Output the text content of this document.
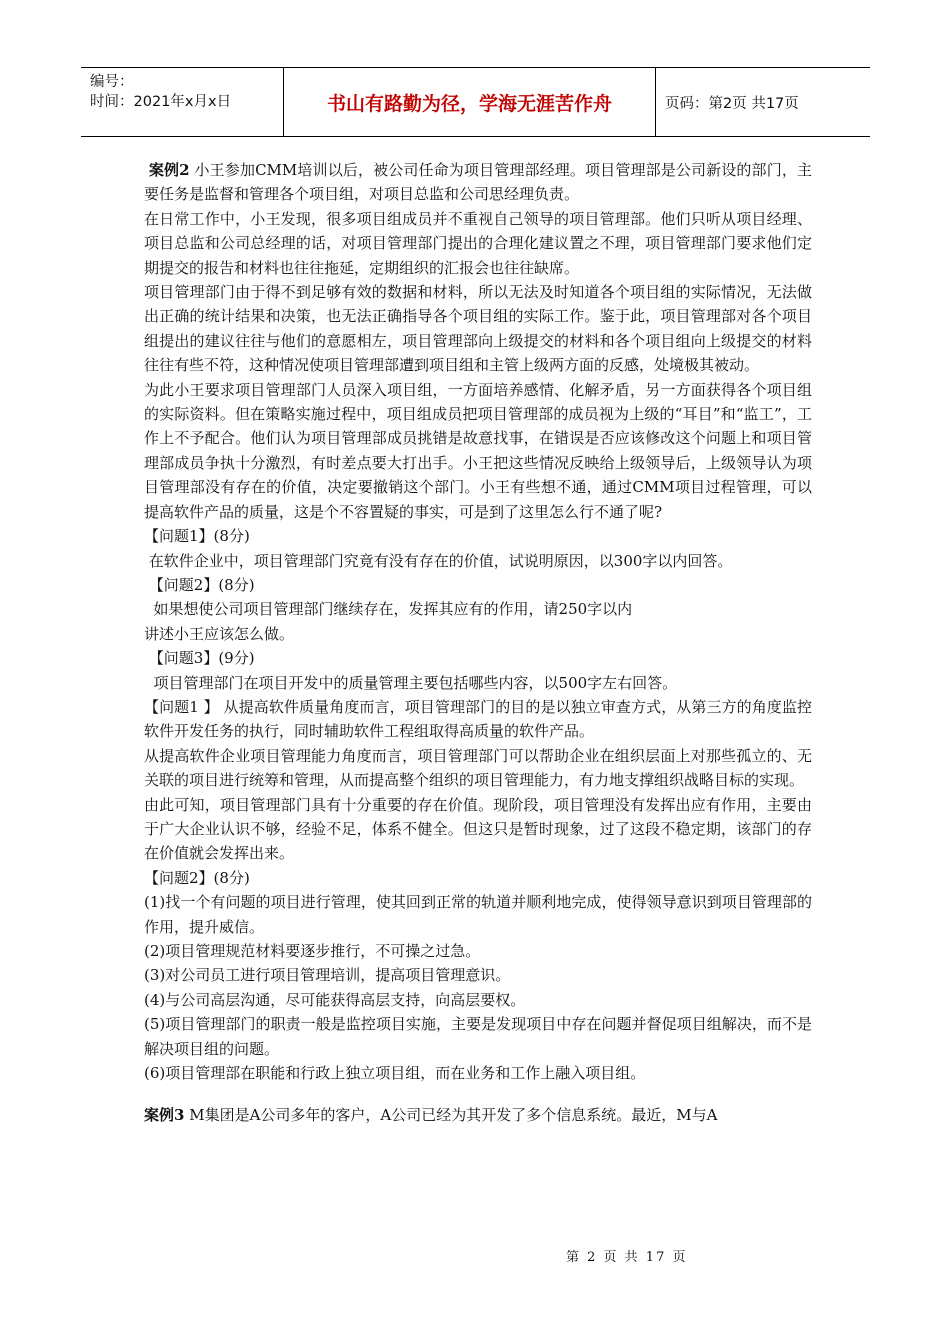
编号：
时间：2021年x月x日	书山有路勤为径，学海无涯苦作舟	页码：第2页 共17页

案例2 小王参加CMM培训以后，被公司任命为项目管理部经理。项目管理部是公司新设的部门，主要任务是监督和管理各个项目组，对项目总监和公司思经理负责。

在日常工作中，小王发现，很多项目组成员并不重视自己领导的项目管理部。他们只听从项目经理、项目总监和公司总经理的话，对项目管理部门提出的合理化建议置之不理，项目管理部门要求他们定期提交的报告和材料也往往拖延，定期组织的汇报会也往往缺席。

项目管理部门由于得不到足够有效的数据和材料，所以无法及时知道各个项目组的实际情况，无法做出正确的统计结果和决策，也无法正确指导各个项目组的实际工作。鉴于此，项目管理部对各个项目组提出的建议往往与他们的意愿相左，项目管理部向上级提交的材料和各个项目组向上级提交的材料往往有些不符，这种情况使项目管理部遭到项目组和主管上级两方面的反感，处境极其被动。

为此小王要求项目管理部门人员深入项目组，一方面培养感情、化解矛盾，另一方面获得各个项目组的实际资料。但在策略实施过程中，项目组成员把项目管理部的成员视为上级的“耳目”和“监工”，工作上不予配合。他们认为项目管理部成员挑错是故意找事，在错误是否应该修改这个问题上和项目管理部成员争执十分激烈，有时差点要大打出手。小王把这些情况反映给上级领导后，上级领导认为项目管理部没有存在的价值，决定要撤销这个部门。小王有些想不通，通过CMM项目过程管理，可以提高软件产品的质量，这是个不容置疑的事实，可是到了这里怎么行不通了呢?

【问题1】(8分)

在软件企业中，项目管理部门究竟有没有存在的价值，试说明原因，以300字以内回答。

【问题2】(8分)

如果想使公司项目管理部门继续存在，发挥其应有的作用，请250字以内

讲述小王应该怎么做。

【问题3】(9分)

项目管理部门在项目开发中的质量管理主要包括哪些内容，以500字左右回答。

【问题1 】 从提高软件质量角度而言，项目管理部门的目的是以独立审查方式，从第三方的角度监控软件开发任务的执行，同时辅助软件工程组取得高质量的软件产品。

从提高软件企业项目管理能力角度而言，项目管理部门可以帮助企业在组织层面上对那些孤立的、无关联的项目进行统筹和管理，从而提高整个组织的项目管理能力，有力地支撑组织战略目标的实现。

由此可知，项目管理部门具有十分重要的存在价值。现阶段，项目管理没有发挥出应有作用，主要由于广大企业认识不够，经验不足，体系不健全。但这只是暂时现象，过了这段不稳定期，该部门的存在价值就会发挥出来。

【问题2】(8分)

(1)找一个有问题的项目进行管理，使其回到正常的轨道并顺利地完成，使得领导意识到项目管理部的作用，提升威信。

(2)项目管理规范材料要逐步推行，不可操之过急。

(3)对公司员工进行项目管理培训，提高项目管理意识。

(4)与公司高层沟通，尽可能获得高层支持，向高层要权。

(5)项目管理部门的职责一般是监控项目实施，主要是发现项目中存在问题并督促项目组解决，而不是解决项目组的问题。

(6)项目管理部在职能和行政上独立项目组，而在业务和工作上融入项目组。

案例3 M集团是A公司多年的客户，A公司已经为其开发了多个信息系统。最近，M与A

第 2 页 共 17 页
